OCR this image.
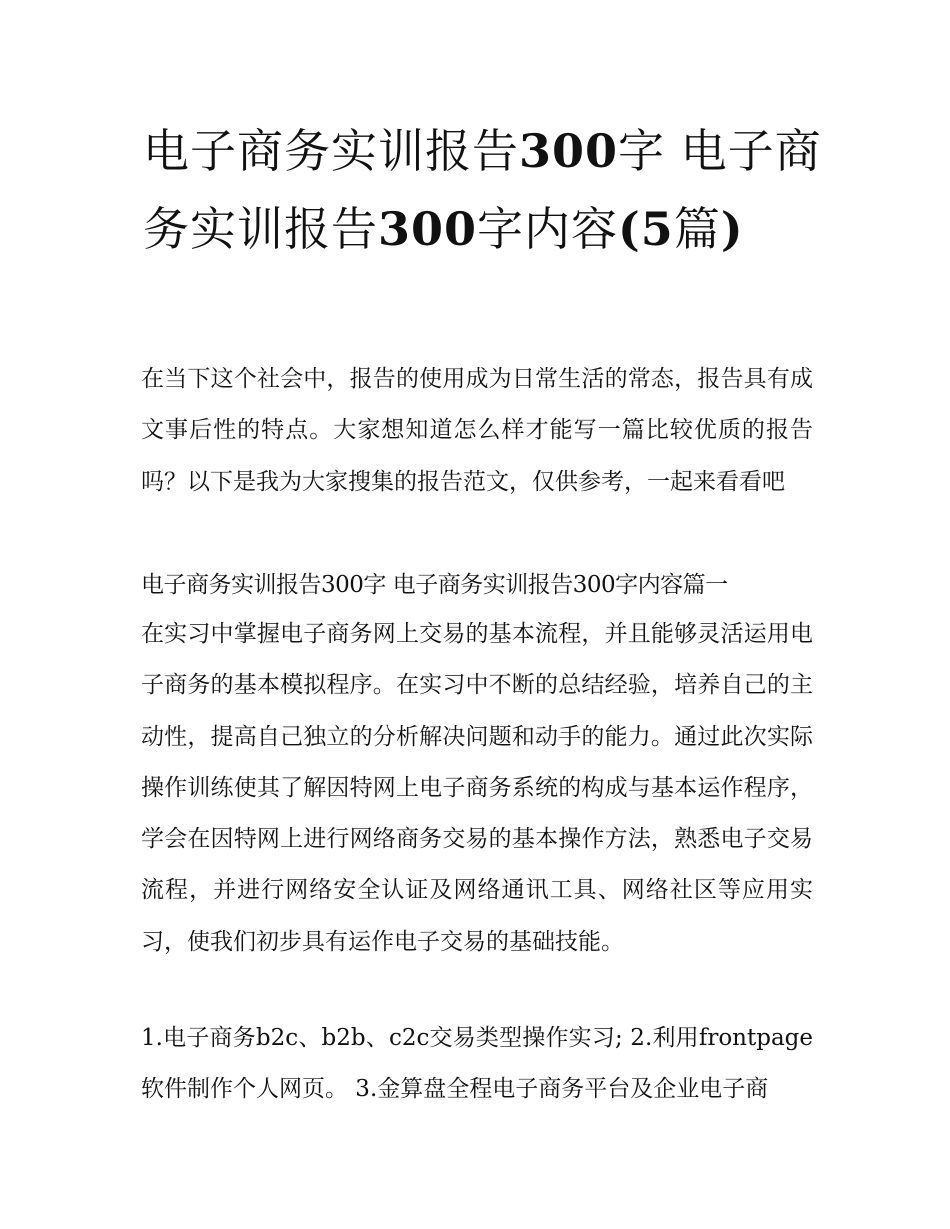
电子商务实训报告300字 电子商务实训报告300字内容(5篇)

在当下这个社会中，报告的使用成为日常生活的常态，报告具有成文事后性的特点。大家想知道怎么样才能写一篇比较优质的报告吗？以下是我为大家搜集的报告范文，仅供参考，一起来看看吧

电子商务实训报告300字 电子商务实训报告300字内容篇一

在实习中掌握电子商务网上交易的基本流程，并且能够灵活运用电子商务的基本模拟程序。在实习中不断的总结经验，培养自己的主动性，提高自己独立的分析解决问题和动手的能力。通过此次实际操作训练使其了解因特网上电子商务系统的构成与基本运作程序，学会在因特网上进行网络商务交易的基本操作方法，熟悉电子交易流程，并进行网络安全认证及网络通讯工具、网络社区等应用实习，使我们初步具有运作电子交易的基础技能。

1.电子商务b2c、b2b、c2c交易类型操作实习; 2.利用frontpage软件制作个人网页。 3.金算盘全程电子商务平台及企业电子商
